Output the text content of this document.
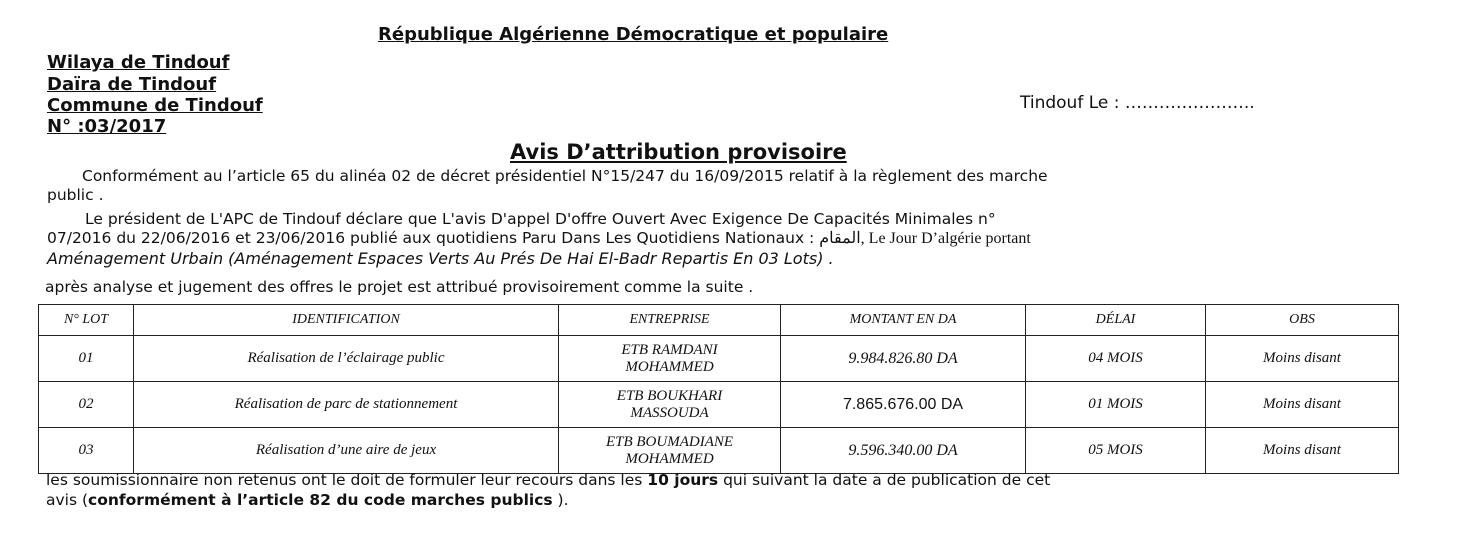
République Algérienne Démocratique et populaire
Wilaya de Tindouf
Daïra de Tindouf
Commune de Tindouf
N° :03/2017
Tindouf Le : …………………..
Avis D’attribution provisoire
Conformément au l’article 65 du alinéa 02 de décret présidentiel N°15/247 du 16/09/2015 relatif à la règlement des marche
public .
Le président de L'APC de Tindouf déclare que L'avis D'appel D'offre Ouvert Avec Exigence De Capacités Minimales n°
07/2016 du 22/06/2016 et 23/06/2016 publié aux quotidiens Paru Dans Les Quotidiens Nationaux : المقام, Le Jour D’algérie portant
Aménagement Urbain (Aménagement Espaces Verts Au Prés De Hai El-Badr Repartis En 03 Lots) .
après analyse et jugement des offres le projet est attribué provisoirement comme la suite .
N° LOT	IDENTIFICATION	ENTREPRISE	MONTANT EN DA	DÉLAI	OBS
01	Réalisation de l’éclairage public	ETB RAMDANI
MOHAMMED	9.984.826.80 DA	04 MOIS	Moins disant
02	Réalisation de parc de stationnement	ETB BOUKHARI
MASSOUDA	7.865.676.00 DA	01 MOIS	Moins disant
03	Réalisation d’une aire de jeux	ETB BOUMADIANE
MOHAMMED	9.596.340.00 DA	05 MOIS	Moins disant
les soumissionnaire non retenus ont le doit de formuler leur recours dans les 10 jours qui suivant la date a de publication de cet
avis (conformément à l’article 82 du code marches publics ).
